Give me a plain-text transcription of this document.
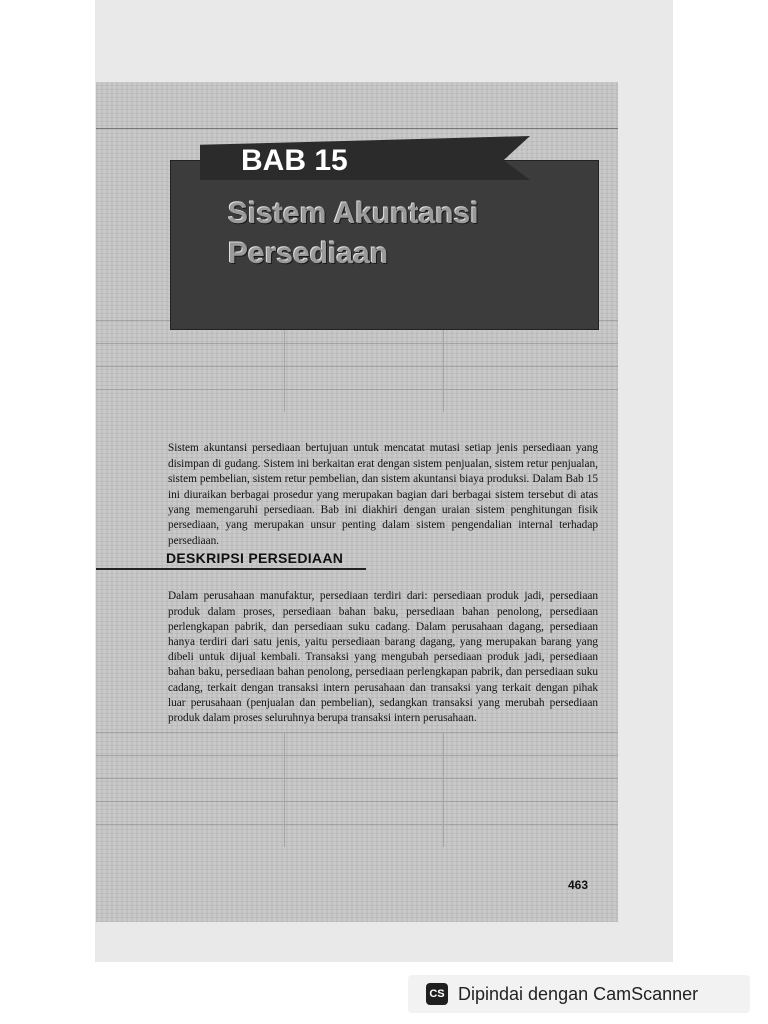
BAB 15
Sistem Akuntansi Persediaan

Sistem akuntansi persediaan bertujuan untuk mencatat mutasi setiap jenis persediaan yang disimpan di gudang. Sistem ini berkaitan erat dengan sistem penjualan, sistem retur penjualan, sistem pembelian, sistem retur pembelian, dan sistem akuntansi biaya produksi. Dalam Bab 15 ini diuraikan berbagai prosedur yang merupakan bagian dari berbagai sistem tersebut di atas yang memengaruhi persediaan. Bab ini diakhiri dengan uraian sistem penghitungan fisik persediaan, yang merupakan unsur penting dalam sistem pengendalian internal terhadap persediaan.

DESKRIPSI PERSEDIAAN

Dalam perusahaan manufaktur, persediaan terdiri dari: persediaan produk jadi, persediaan produk dalam proses, persediaan bahan baku, persediaan bahan penolong, persediaan perlengkapan pabrik, dan persediaan suku cadang. Dalam perusahaan dagang, persediaan hanya terdiri dari satu jenis, yaitu persediaan barang dagang, yang merupakan barang yang dibeli untuk dijual kembali. Transaksi yang mengubah persediaan produk jadi, persediaan bahan baku, persediaan bahan penolong, persediaan perlengkapan pabrik, dan persediaan suku cadang, terkait dengan transaksi intern perusahaan dan transaksi yang terkait dengan pihak luar perusahaan (penjualan dan pembelian), sedangkan transaksi yang merubah persediaan produk dalam proses seluruhnya berupa transaksi intern perusahaan.

463
CS Dipindai dengan CamScanner
